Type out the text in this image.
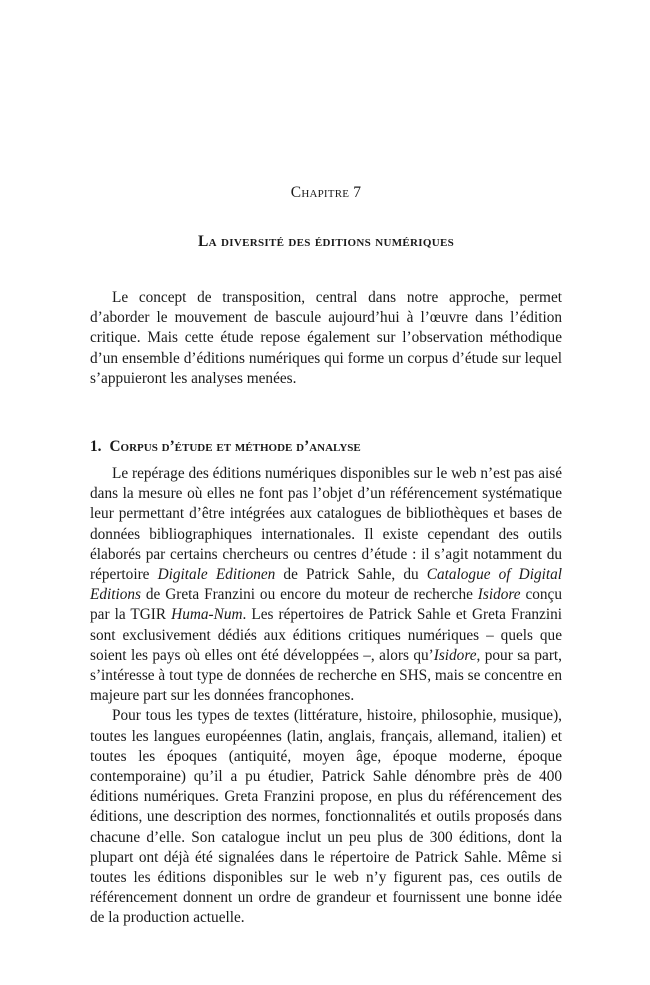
Chapitre 7
La diversité des éditions numériques

Le concept de transposition, central dans notre approche, permet d’aborder le mouvement de bascule aujourd’hui à l’œuvre dans l’édition critique. Mais cette étude repose également sur l’observation méthodique d’un ensemble d’éditions numériques qui forme un corpus d’étude sur lequel s’appuieront les analyses menées.

1. Corpus d’étude et méthode d’analyse

Le repérage des éditions numériques disponibles sur le web n’est pas aisé dans la mesure où elles ne font pas l’objet d’un référencement systématique leur permettant d’être intégrées aux catalogues de bibliothèques et bases de données bibliographiques internationales. Il existe cependant des outils élaborés par certains chercheurs ou centres d’étude : il s’agit notamment du répertoire Digitale Editionen de Patrick Sahle, du Catalogue of Digital Editions de Greta Franzini ou encore du moteur de recherche Isidore conçu par la TGIR Huma-Num. Les répertoires de Patrick Sahle et Greta Franzini sont exclusivement dédiés aux éditions critiques numériques – quels que soient les pays où elles ont été développées –, alors qu’Isidore, pour sa part, s’intéresse à tout type de données de recherche en SHS, mais se concentre en majeure part sur les données francophones.

Pour tous les types de textes (littérature, histoire, philosophie, musique), toutes les langues européennes (latin, anglais, français, allemand, italien) et toutes les époques (antiquité, moyen âge, époque moderne, époque contemporaine) qu’il a pu étudier, Patrick Sahle dénombre près de 400 éditions numériques. Greta Franzini propose, en plus du référencement des éditions, une description des normes, fonctionnalités et outils proposés dans chacune d’elle. Son catalogue inclut un peu plus de 300 éditions, dont la plupart ont déjà été signalées dans le répertoire de Patrick Sahle. Même si toutes les éditions disponibles sur le web n’y figurent pas, ces outils de référencement donnent un ordre de grandeur et fournissent une bonne idée de la production actuelle.
